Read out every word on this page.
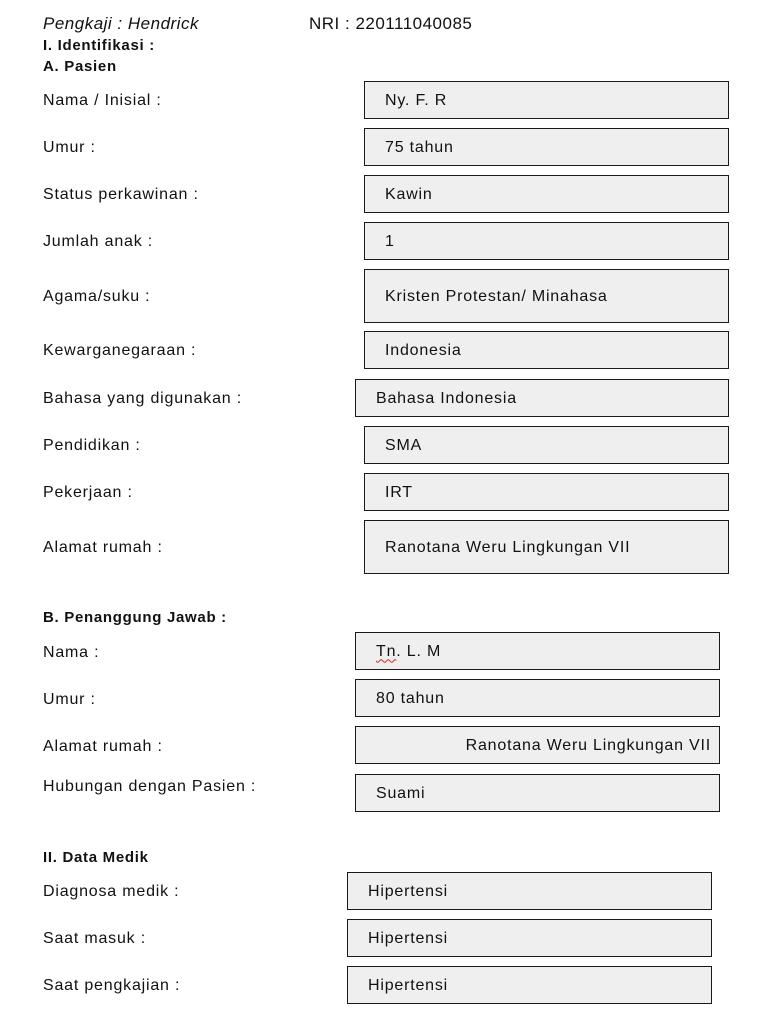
Pengkaji : Hendrick	NRI : 220111040085
I. Identifikasi :
A. Pasien
Nama / Inisial :	Ny. F. R
Umur :	75 tahun
Status perkawinan :	Kawin
Jumlah anak :	1
Agama/suku :	Kristen Protestan/ Minahasa
Kewarganegaraan :	Indonesia
Bahasa yang digunakan :	Bahasa Indonesia
Pendidikan :	SMA
Pekerjaan :	IRT
Alamat rumah :	Ranotana Weru Lingkungan VII
B. Penanggung Jawab :
Nama :	Tn . L. M
Umur :	80 tahun
Alamat rumah :	Ranotana Weru Lingkungan VII
Hubungan dengan Pasien :	Suami
II. Data Medik
Diagnosa medik :	Hipertensi
Saat masuk :	Hipertensi
Saat pengkajian :	Hipertensi
